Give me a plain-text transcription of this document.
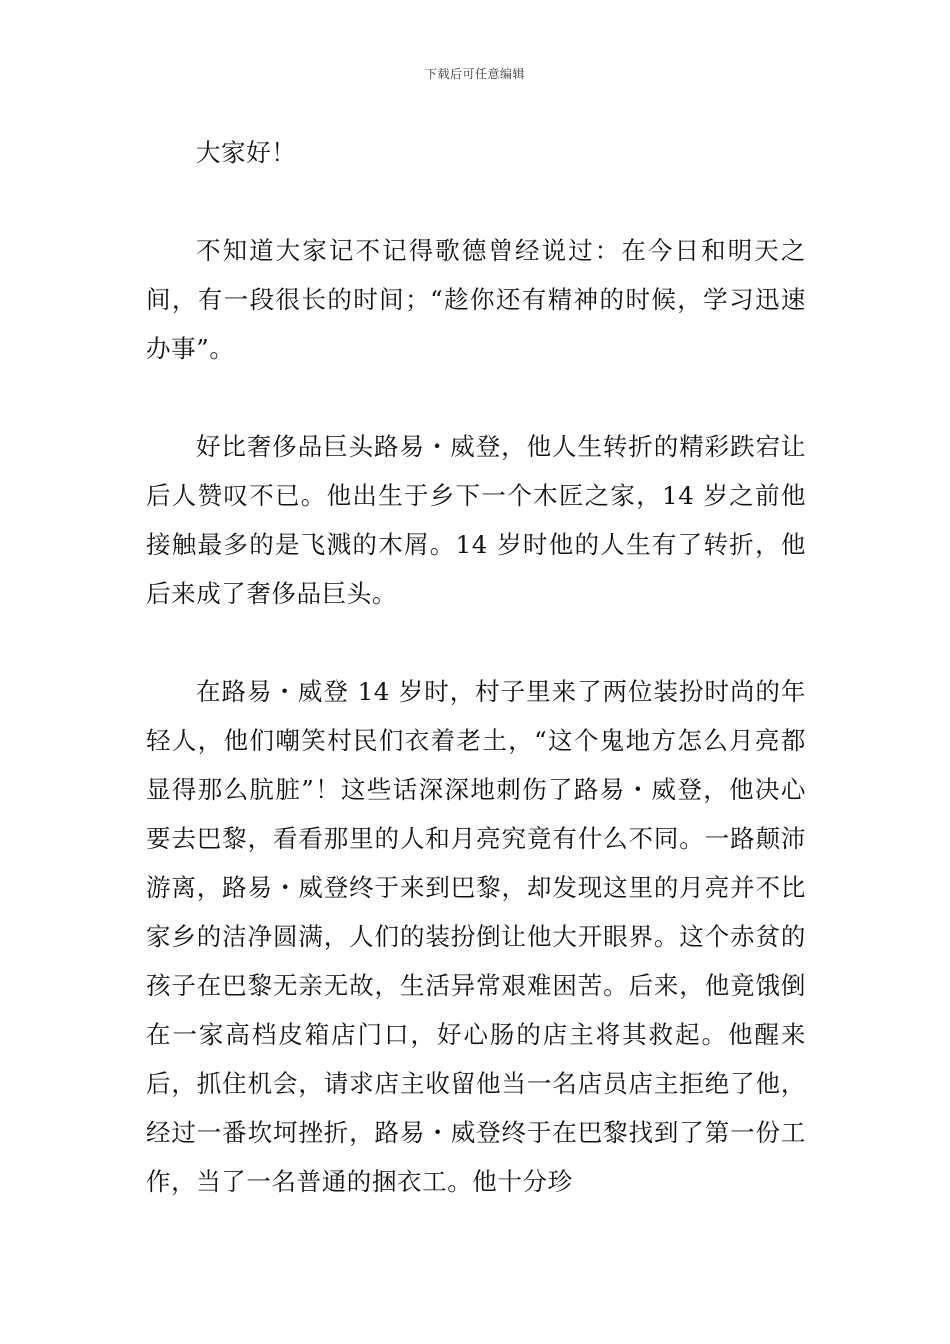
下载后可任意编辑

大家好！

不知道大家记不记得歌德曾经说过：在今日和明天之间，有一段很长的时间；“趁你还有精神的时候，学习迅速办事”。

好比奢侈品巨头路易・威登，他人生转折的精彩跌宕让后人赞叹不已。他出生于乡下一个木匠之家，14 岁之前他接触最多的是飞溅的木屑。14 岁时他的人生有了转折，他后来成了奢侈品巨头。

在路易・威登 14 岁时，村子里来了两位装扮时尚的年轻人，他们嘲笑村民们衣着老土，“这个鬼地方怎么月亮都显得那么肮脏”！这些话深深地刺伤了路易・威登，他决心要去巴黎，看看那里的人和月亮究竟有什么不同。一路颠沛游离，路易・威登终于来到巴黎，却发现这里的月亮并不比家乡的洁净圆满，人们的装扮倒让他大开眼界。这个赤贫的孩子在巴黎无亲无故，生活异常艰难困苦。后来，他竟饿倒在一家高档皮箱店门口，好心肠的店主将其救起。他醒来后，抓住机会，请求店主收留他当一名店员店主拒绝了他，经过一番坎坷挫折，路易・威登终于在巴黎找到了第一份工作，当了一名普通的捆衣工。他十分珍
